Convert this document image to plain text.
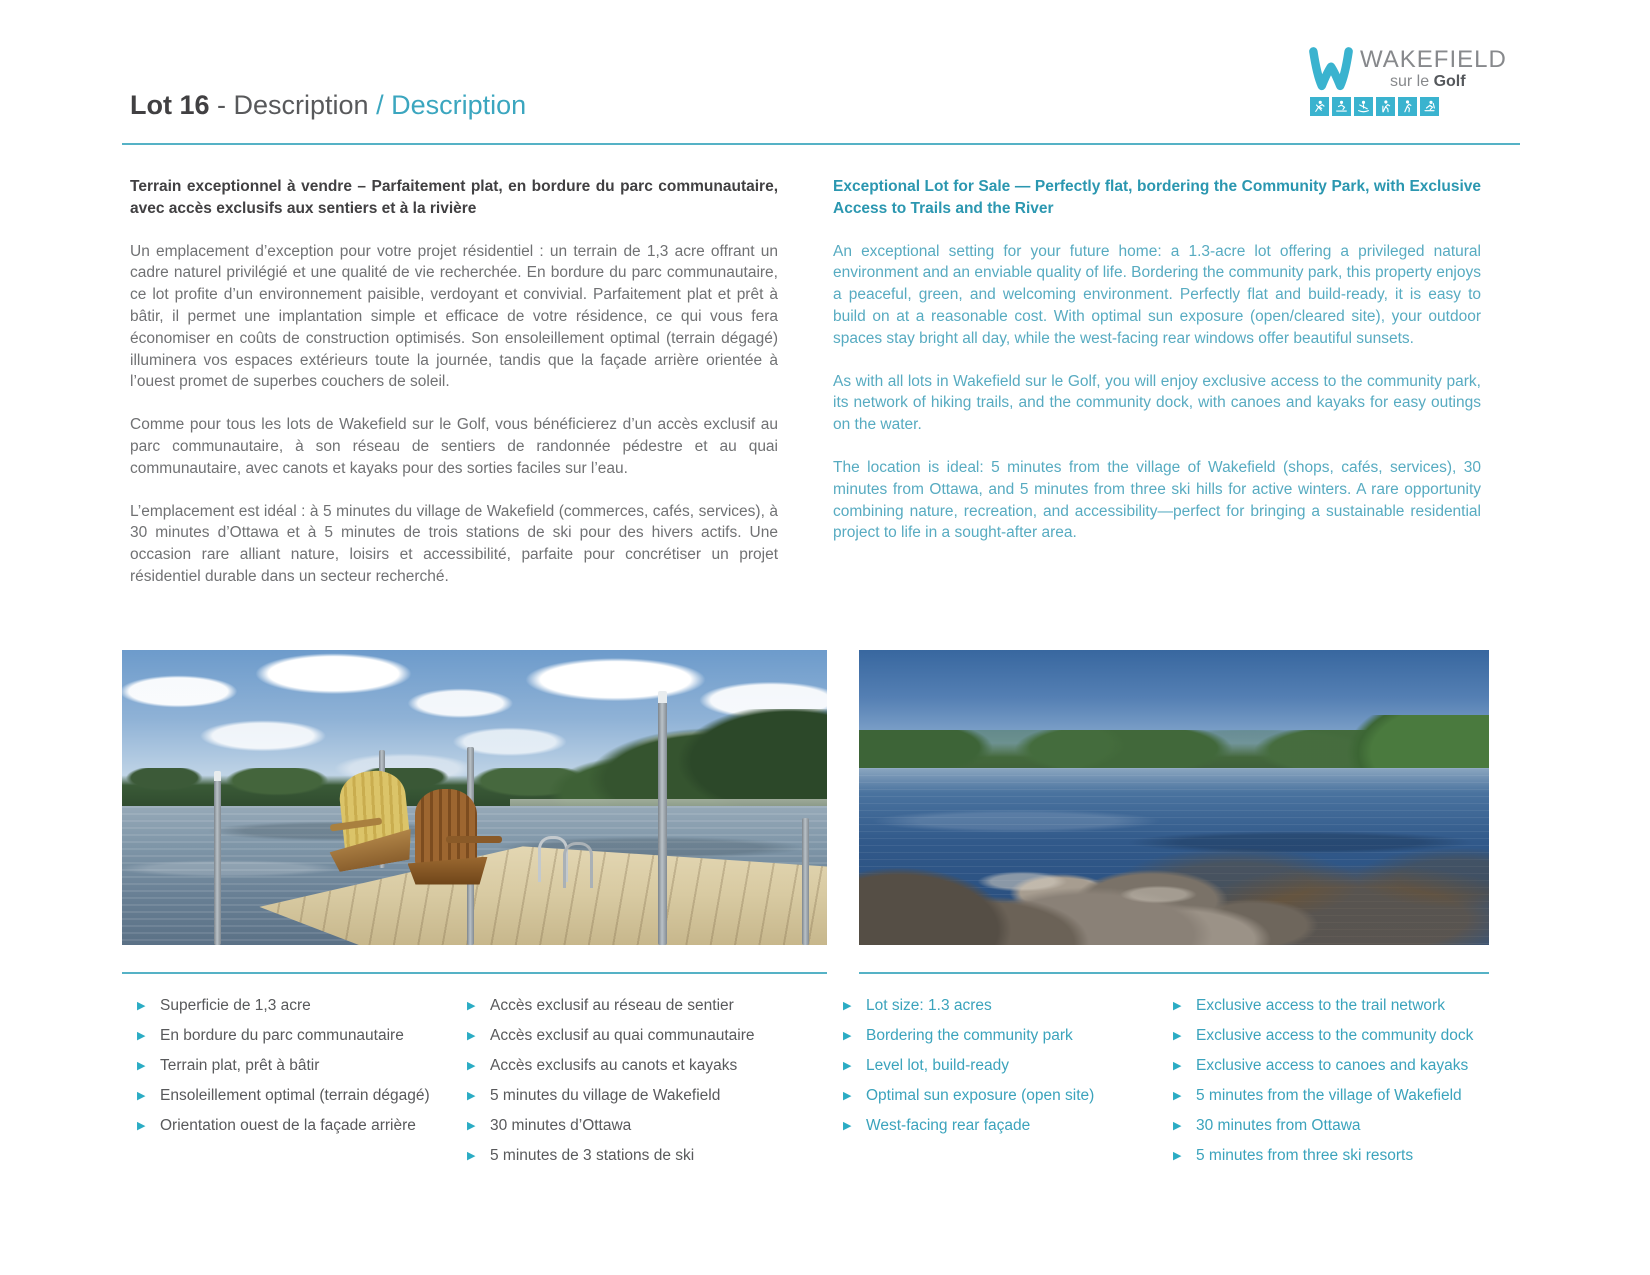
Lot 16 - Description / Description
WAKEFIELD
sur le Golf
Terrain exceptionnel à vendre – Parfaitement plat, en bordure du parc communautaire, avec accès exclusifs aux sentiers et à la rivière

Un emplacement d’exception pour votre projet résidentiel : un terrain de 1,3 acre offrant un cadre naturel privilégié et une qualité de vie recherchée. En bordure du parc communautaire, ce lot profite d’un environnement paisible, verdoyant et convivial. Parfaitement plat et prêt à bâtir, il permet une implantation simple et efficace de votre résidence, ce qui vous fera économiser en coûts de construction optimisés. Son ensoleillement optimal (terrain dégagé) illuminera vos espaces extérieurs toute la journée, tandis que la façade arrière orientée à l’ouest promet de superbes couchers de soleil.

Comme pour tous les lots de Wakefield sur le Golf, vous bénéficierez d’un accès exclusif au parc communautaire, à son réseau de sentiers de randonnée pédestre et au quai communautaire, avec canots et kayaks pour des sorties faciles sur l’eau.

L’emplacement est idéal : à 5 minutes du village de Wakefield (commerces, cafés, services), à 30 minutes d’Ottawa et à 5 minutes de trois stations de ski pour des hivers actifs. Une occasion rare alliant nature, loisirs et accessibilité, parfaite pour concrétiser un projet résidentiel durable dans un secteur recherché.

Exceptional Lot for Sale — Perfectly flat, bordering the Community Park, with Exclusive Access to Trails and the River

An exceptional setting for your future home: a 1.3-acre lot offering a privileged natural environment and an enviable quality of life. Bordering the community park, this property enjoys a peaceful, green, and welcoming environment. Perfectly flat and build-ready, it is easy to build on at a reasonable cost. With optimal sun exposure (open/cleared site), your outdoor spaces stay bright all day, while the west-facing rear windows offer beautiful sunsets.

As with all lots in Wakefield sur le Golf, you will enjoy exclusive access to the community park, its network of hiking trails, and the community dock, with canoes and kayaks for easy outings on the water.

The location is ideal: 5 minutes from the village of Wakefield (shops, cafés, services), 30 minutes from Ottawa, and 5 minutes from three ski hills for active winters. A rare opportunity combining nature, recreation, and accessibility—perfect for bringing a sustainable residential project to life in a sought-after area.

▶ Superficie de 1,3 acre
▶ En bordure du parc communautaire
▶ Terrain plat, prêt à bâtir
▶ Ensoleillement optimal (terrain dégagé)
▶ Orientation ouest de la façade arrière
▶ Accès exclusif au réseau de sentier
▶ Accès exclusif au quai communautaire
▶ Accès exclusifs au canots et kayaks
▶ 5 minutes du village de Wakefield
▶ 30 minutes d’Ottawa
▶ 5 minutes de 3 stations de ski
▶ Lot size: 1.3 acres
▶ Bordering the community park
▶ Level lot, build-ready
▶ Optimal sun exposure (open site)
▶ West-facing rear façade
▶ Exclusive access to the trail network
▶ Exclusive access to the community dock
▶ Exclusive access to canoes and kayaks
▶ 5 minutes from the village of Wakefield
▶ 30 minutes from Ottawa
▶ 5 minutes from three ski resorts
